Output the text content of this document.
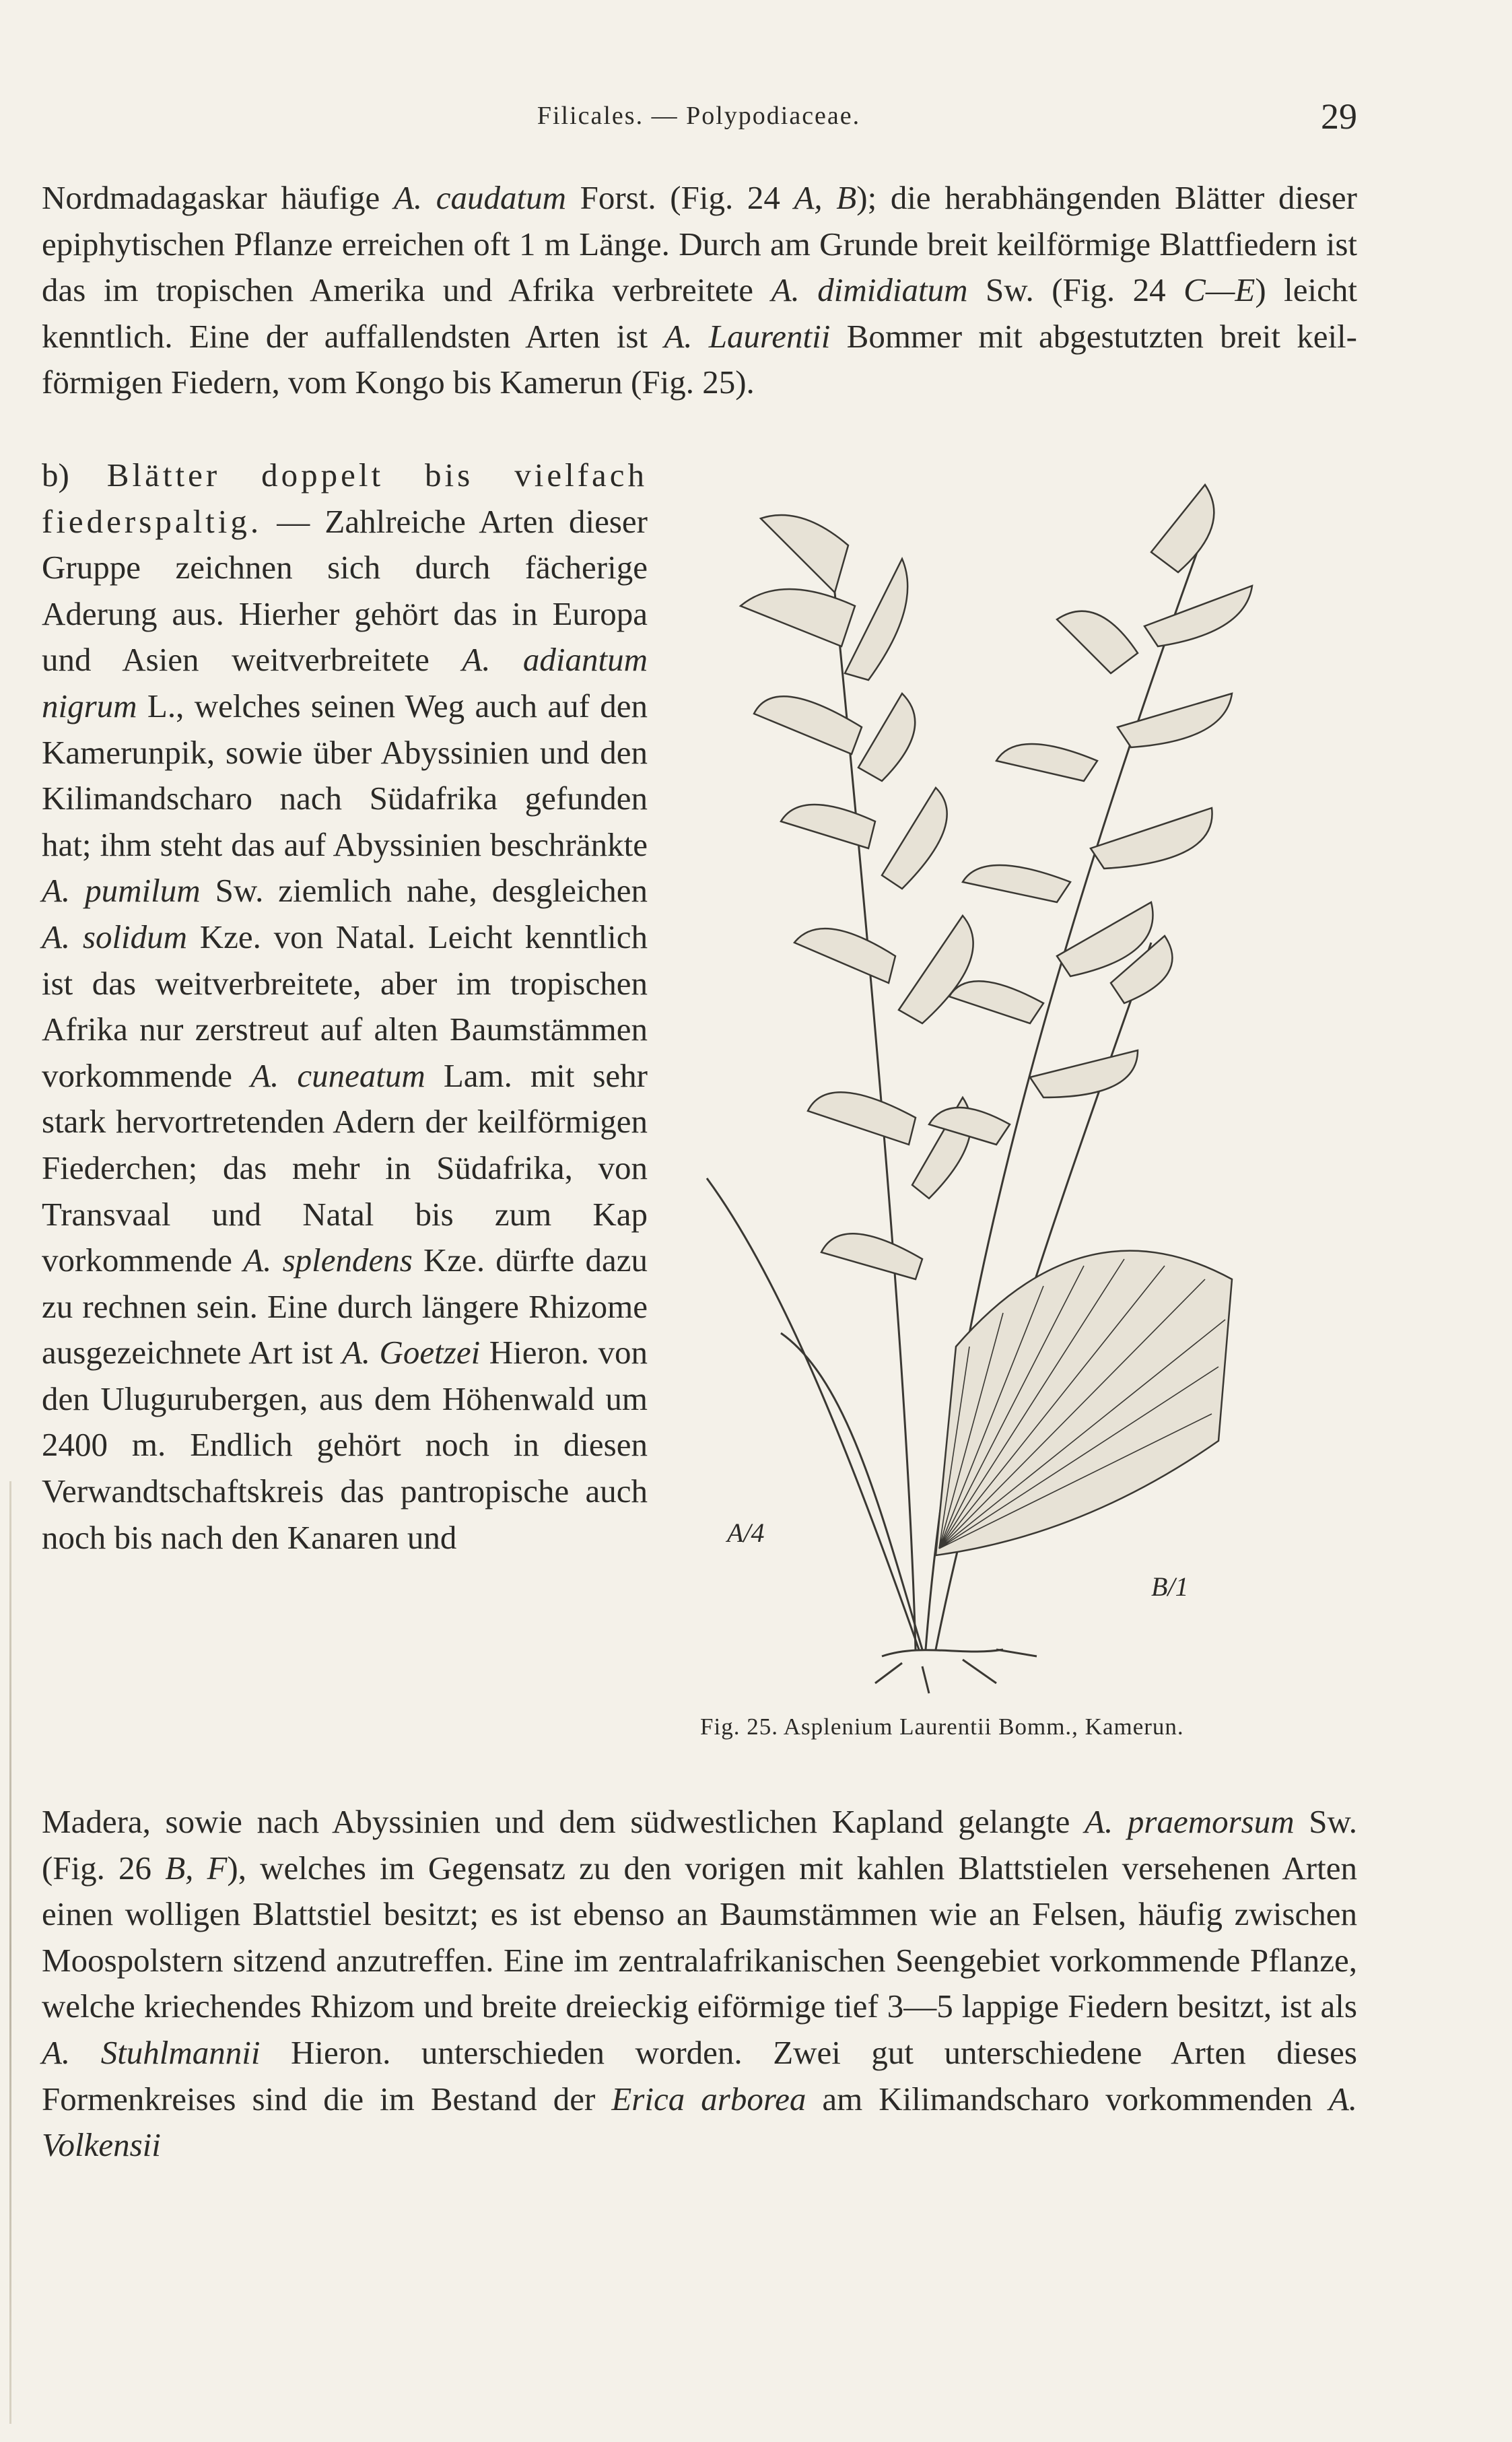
Filicales. — Polypodiaceae.	29

Nordmadagaskar häufige A. caudatum Forst. (Fig. 24 A, B); die herabhängenden Blätter dieser epiphytischen Pflanze erreichen oft 1 m Länge. Durch am Grunde breit keilförmige Blattfiedern ist das im tropischen Amerika und Afrika verbreitete A. dimidiatum Sw. (Fig. 24 C—E) leicht kenntlich. Eine der auffallendsten Arten ist A. Laurentii Bommer mit abgestutzten breit keilförmigen Fiedern, vom Kongo bis Kamerun (Fig. 25).

b) Blätter doppelt bis vielfach fiederspaltig. — Zahlreiche Arten dieser Gruppe zeichnen sich durch fächerige Aderung aus. Hierher gehört das in Europa und Asien weitverbreitete A. adiantum nigrum L., welches seinen Weg auch auf den Kamerunpik, sowie über Abyssinien und den Kilimandscharo nach Südafrika gefunden hat; ihm steht das auf Abyssinien beschränkte A. pumilum Sw. ziemlich nahe, desgleichen A. solidum Kze. von Natal. Leicht kenntlich ist das weitverbreitete, aber im tropischen Afrika nur zerstreut auf alten Baumstämmen vorkommende A. cuneatum Lam. mit sehr stark hervortretenden Adern der keilförmigen Fiederchen; das mehr in Südafrika, von Transvaal und Natal bis zum Kap vorkommende A. splendens Kze. dürfte dazu zu rechnen sein. Eine durch längere Rhizome ausgezeichnete Art ist A. Goetzei Hieron. von den Ulugurubergen, aus dem Höhenwald um 2400 m. Endlich gehört noch in diesen Verwandtschaftskreis das pantropische auch noch bis nach den Kanaren und

Madera, sowie nach Abyssinien und dem südwestlichen Kapland gelangte A. praemorsum Sw. (Fig. 26 B, F), welches im Gegensatz zu den vorigen mit kahlen Blattstielen versehenen Arten einen wolligen Blattstiel besitzt; es ist ebenso an Baumstämmen wie an Felsen, häufig zwischen Moospolstern sitzend anzutreffen. Eine im zentralafrikanischen Seengebiet vorkommende Pflanze, welche kriechendes Rhizom und breite dreieckig eiförmige tief 3—5 lappige Fiedern besitzt, ist als A. Stuhlmannii Hieron. unterschieden worden. Zwei gut unterschiedene Arten dieses Formenkreises sind die im Bestand der Erica arborea am Kilimandscharo vorkommenden A. Volkensii

A/4
B/1
Fig. 25. Asplenium Laurentii Bomm., Kamerun.
